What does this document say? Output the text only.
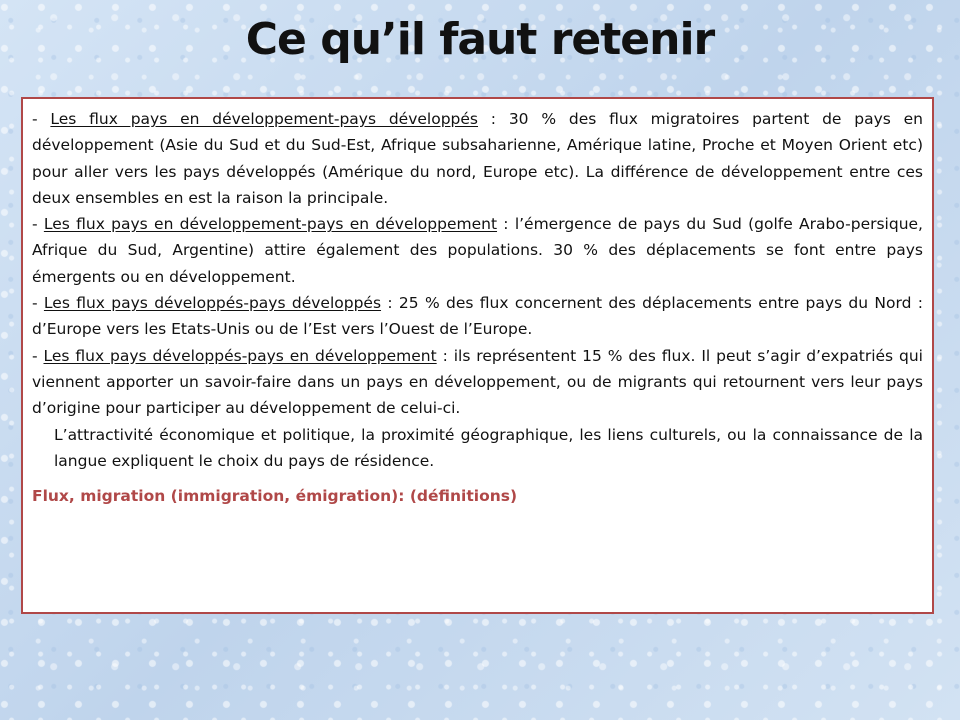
Ce qu’il faut retenir

- Les flux pays en développement-pays développés : 30 % des flux migratoires partent de pays en développement (Asie du Sud et du Sud-Est, Afrique subsaharienne, Amérique latine, Proche et Moyen Orient etc) pour aller vers les pays développés (Amérique du nord, Europe etc). La différence de développement entre ces deux ensembles en est la raison la principale.

- Les flux pays en développement-pays en développement : l’émergence de pays du Sud (golfe Arabo-persique, Afrique du Sud, Argentine) attire également des populations. 30 % des déplacements se font entre pays émergents ou en développement.

- Les flux pays développés-pays développés : 25 % des flux concernent des déplacements entre pays du Nord : d’Europe vers les Etats-Unis ou de l’Est vers l’Ouest de l’Europe.

- Les flux pays développés-pays en développement : ils représentent 15 % des flux. Il peut s’agir d’expatriés qui viennent apporter un savoir-faire dans un pays en développement, ou de migrants qui retournent vers leur pays d’origine pour participer au développement de celui-ci.

L’attractivité économique et politique, la proximité géographique, les liens culturels, ou la connaissance de la langue expliquent le choix du pays de résidence.

Flux, migration (immigration, émigration): (définitions)
